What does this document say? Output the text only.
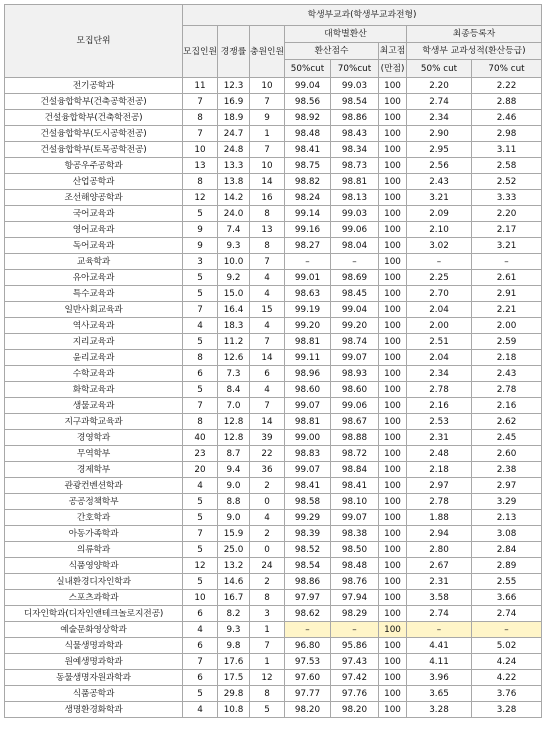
모집단위	학생부교과(학생부교과전형)							
	모집인원	경쟁률	충원인원	대학별환산			최종등록자	
				환산점수		최고점	학생부 교과성적(환산등급)	
				50%cut	70%cut	(만점)	50% cut	70% cut
전기공학과	11	12.3	10	99.04	99.03	100	2.20	2.22
건설융합학부(건축공학전공)	7	16.9	7	98.56	98.54	100	2.74	2.88
건설융합학부(건축학전공)	8	18.9	9	98.92	98.86	100	2.34	2.46
건설융합학부(도시공학전공)	7	24.7	1	98.48	98.43	100	2.90	2.98
건설융합학부(토목공학전공)	10	24.8	7	98.41	98.34	100	2.95	3.11
항공우주공학과	13	13.3	10	98.75	98.73	100	2.56	2.58
산업공학과	8	13.8	14	98.82	98.81	100	2.43	2.52
조선해양공학과	12	14.2	16	98.24	98.13	100	3.21	3.33
국어교육과	5	24.0	8	99.14	99.03	100	2.09	2.20
영어교육과	9	7.4	13	99.16	99.06	100	2.10	2.17
독어교육과	9	9.3	8	98.27	98.04	100	3.02	3.21
교육학과	3	10.0	7	–	–	100	–	–
유아교육과	5	9.2	4	99.01	98.69	100	2.25	2.61
특수교육과	5	15.0	4	98.63	98.45	100	2.70	2.91
일반사회교육과	7	16.4	15	99.19	99.04	100	2.04	2.21
역사교육과	4	18.3	4	99.20	99.20	100	2.00	2.00
지리교육과	5	11.2	7	98.81	98.74	100	2.51	2.59
윤리교육과	8	12.6	14	99.11	99.07	100	2.04	2.18
수학교육과	6	7.3	6	98.96	98.93	100	2.34	2.43
화학교육과	5	8.4	4	98.60	98.60	100	2.78	2.78
생물교육과	7	7.0	7	99.07	99.06	100	2.16	2.16
지구과학교육과	8	12.8	14	98.81	98.67	100	2.53	2.62
경영학과	40	12.8	39	99.00	98.88	100	2.31	2.45
무역학부	23	8.7	22	98.83	98.72	100	2.48	2.60
경제학부	20	9.4	36	99.07	98.84	100	2.18	2.38
관광컨벤션학과	4	9.0	2	98.41	98.41	100	2.97	2.97
공공정책학부	5	8.8	0	98.58	98.10	100	2.78	3.29
간호학과	5	9.0	4	99.29	99.07	100	1.88	2.13
아동가족학과	7	15.9	2	98.39	98.38	100	2.94	3.08
의류학과	5	25.0	0	98.52	98.50	100	2.80	2.84
식품영양학과	12	13.2	24	98.54	98.48	100	2.67	2.89
실내환경디자인학과	5	14.6	2	98.86	98.76	100	2.31	2.55
스포츠과학과	10	16.7	8	97.97	97.94	100	3.58	3.66
디자인학과(디자인앤테크놀로지전공)	6	8.2	3	98.62	98.29	100	2.74	2.74
예술문화영상학과	4	9.3	1	–	–	100	–	–
식물생명과학과	6	9.8	7	96.80	95.86	100	4.41	5.02
원예생명과학과	7	17.6	1	97.53	97.43	100	4.11	4.24
동물생명자원과학과	6	17.5	12	97.60	97.42	100	3.96	4.22
식품공학과	5	29.8	8	97.77	97.76	100	3.65	3.76
생명환경화학과	4	10.8	5	98.20	98.20	100	3.28	3.28
